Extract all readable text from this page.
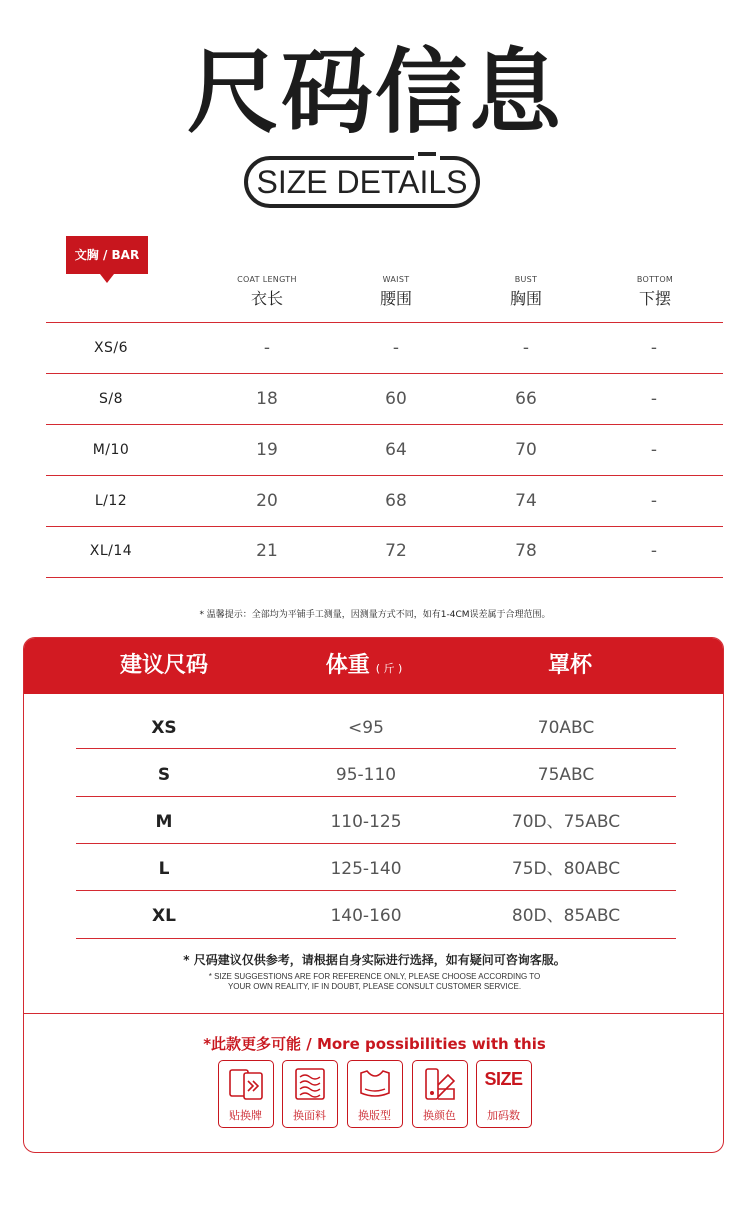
尺码信息
SIZE DETAILS
文胸 / BAR
COAT LENGTH
衣长
WAIST
腰围
BUST
胸围
BOTTOM
下摆
XS/6	-	-	-	-
S/8	18	60	66	-
M/10	19	64	70	-
L/12	20	68	74	-
XL/14	21	72	78	-
* 温馨提示：全部均为平铺手工测量，因测量方式不同，如有1-4CM误差属于合理范围。
建议尺码	体重 ( 斤 )	罩杯
XS	<95	70ABC
S	95-110	75ABC
M	110-125	70D、75ABC
L	125-140	75D、80ABC
XL	140-160	80D、85ABC
* 尺码建议仅供参考，请根据自身实际进行选择，如有疑问可咨询客服。
* SIZE SUGGESTIONS ARE FOR REFERENCE ONLY, PLEASE CHOOSE ACCORDING TO
YOUR OWN REALITY, IF IN DOUBT, PLEASE CONSULT CUSTOMER SERVICE.
*此款更多可能 / More possibilities with this
贴换牌	换面料	换版型	换颜色
SIZE
加码数
